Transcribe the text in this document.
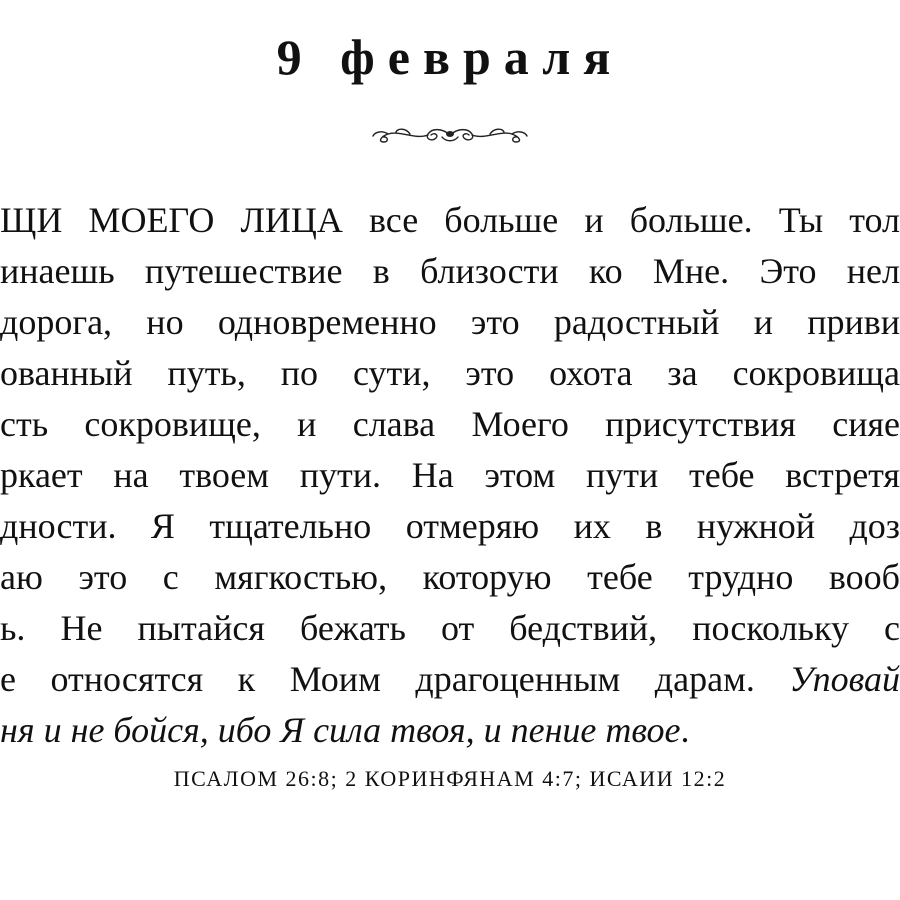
9 февраля
ЩИ МОЕГО ЛИЦА все больше и больше. Ты тол
инаешь путешествие в близости ко Мне. Это нел
дорога, но одновременно это радостный и приви
ованный путь, по сути, это охота за сокровища
сть сокровище, и слава Моего присутствия сияе
ркает на твоем пути. На этом пути тебе встретя
дности. Я тщательно отмеряю их в нужной доз
аю это с мягкостью, которую тебе трудно вооб
ь. Не пытайся бежать от бедствий, поскольку с
е относятся к Моим драгоценным дарам. Уповай
ня и не бойся, ибо Я сила твоя, и пение твое.
ПСАЛОМ 26:8; 2 КОРИНФЯНАМ 4:7; ИСАИИ 12:2
